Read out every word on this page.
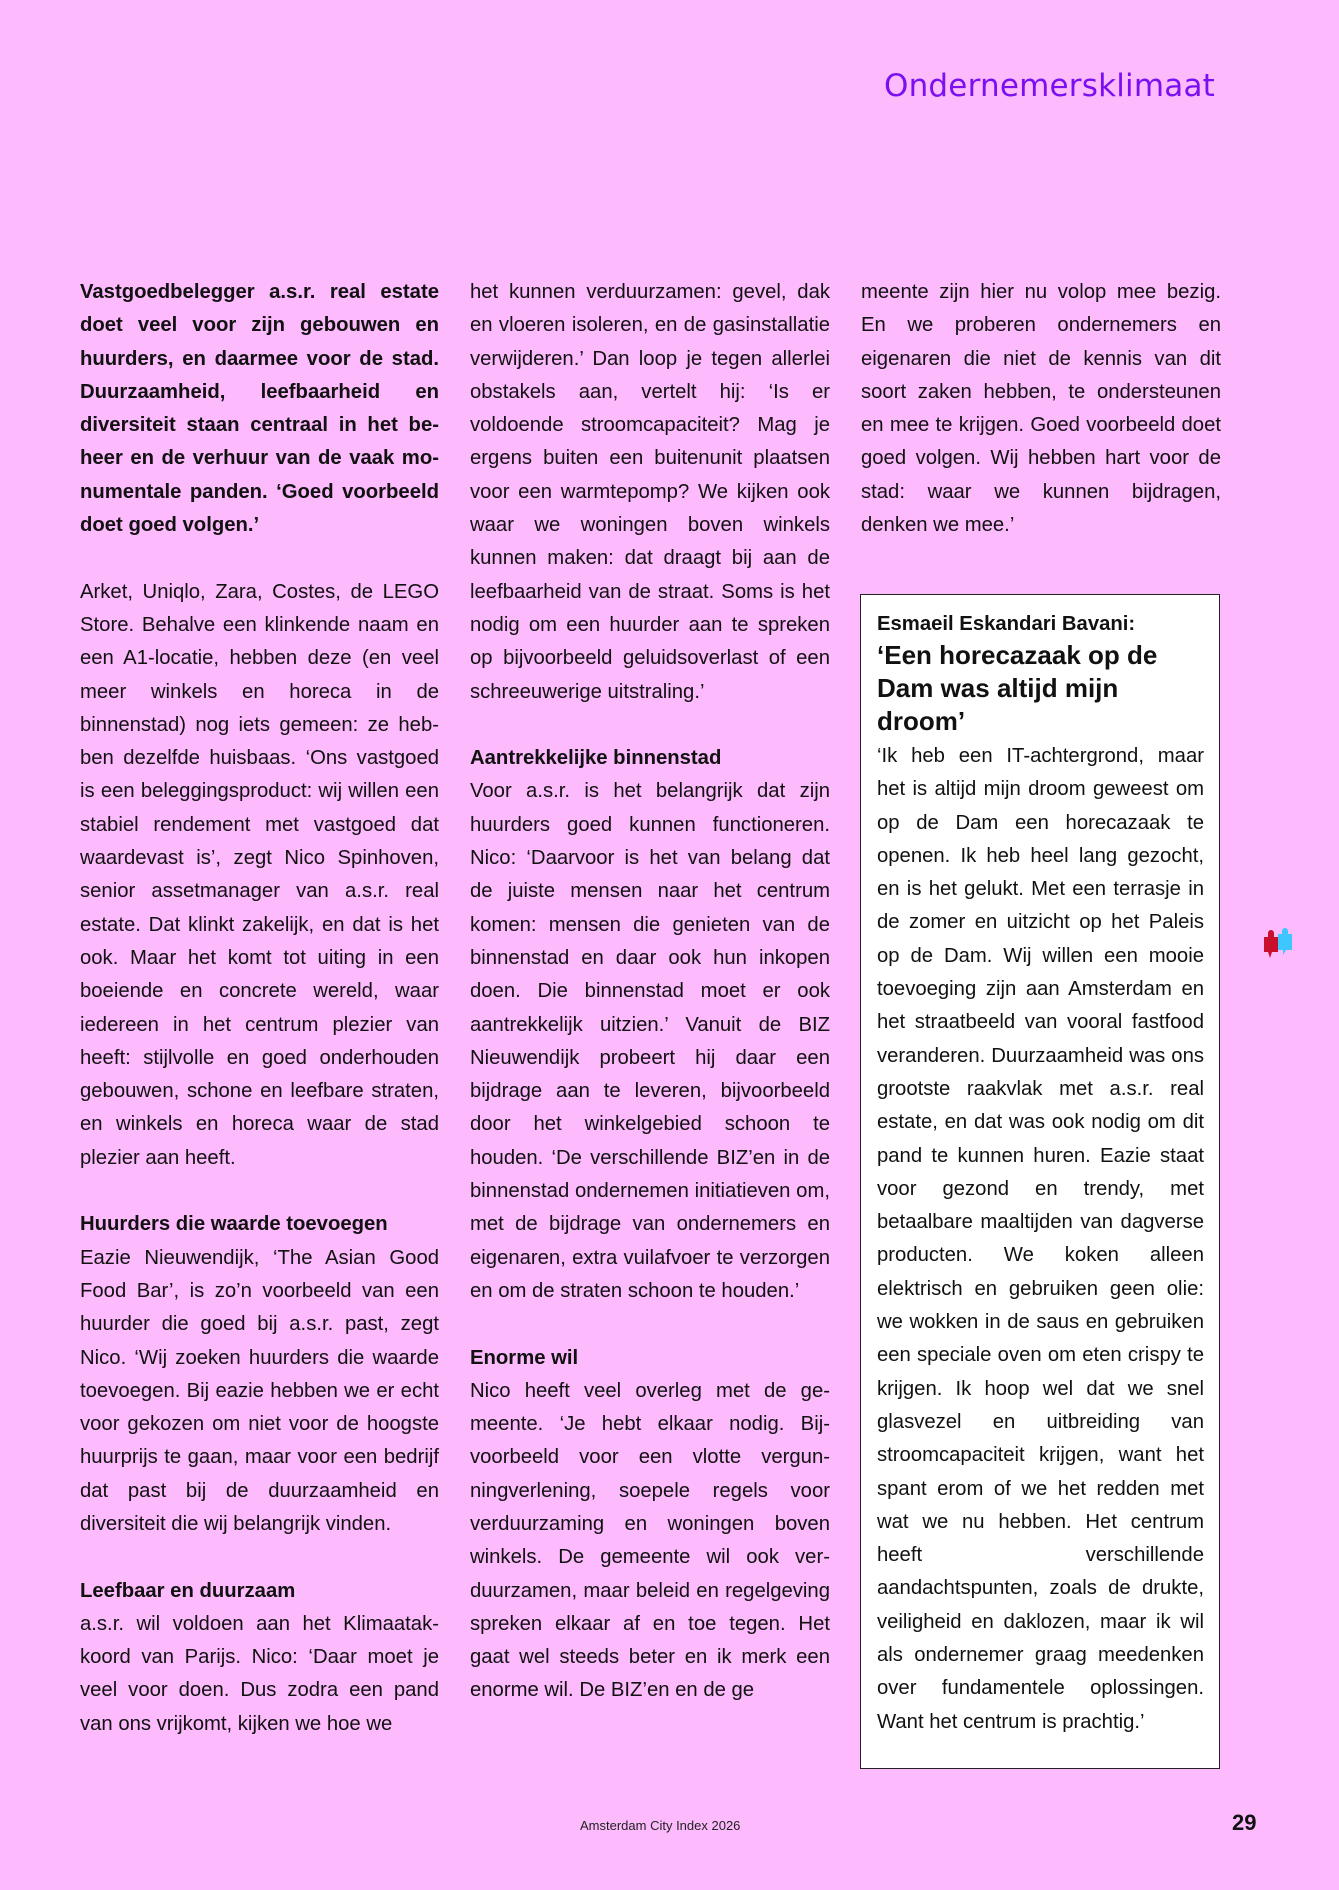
Ondernemersklimaat

Vastgoedbelegger a.s.r. real estate doet veel voor zijn gebouwen en huurders, en daarmee voor de stad. Duurzaamheid, leefbaarheid en diversiteit staan centraal in het beheer en de verhuur van de vaak monumentale panden. ‘Goed voorbeeld doet goed volgen.’

Arket, Uniqlo, Zara, Costes, de LEGO Store. Behalve een klinkende naam en een A1-locatie, hebben deze (en veel meer winkels en horeca in de binnenstad) nog iets gemeen: ze hebben dezelfde huisbaas. ‘Ons vastgoed is een beleggingsproduct: wij willen een stabiel rendement met vastgoed dat waardevast is’, zegt Nico Spinhoven, senior assetmanager van a.s.r. real estate. Dat klinkt zakelijk, en dat is het ook. Maar het komt tot uiting in een boeiende en concrete wereld, waar iedereen in het centrum plezier van heeft: stijlvolle en goed onderhouden gebouwen, schone en leefbare straten, en winkels en horeca waar de stad plezier aan heeft.

Huurders die waarde toevoegen

Eazie Nieuwendijk, ‘The Asian Good Food Bar’, is zo’n voorbeeld van een huurder die goed bij a.s.r. past, zegt Nico. ‘Wij zoeken huurders die waarde toevoegen. Bij eazie hebben we er echt voor gekozen om niet voor de hoogste huurprijs te gaan, maar voor een bedrijf dat past bij de duurzaamheid en diversiteit die wij belangrijk vinden.

Leefbaar en duurzaam

a.s.r. wil voldoen aan het Klimaatakkoord van Parijs. Nico: ‘Daar moet je veel voor doen. Dus zodra een pand van ons vrijkomt, kijken we hoe we

het kunnen verduurzamen: gevel, dak en vloeren isoleren, en de gasinstallatie verwijderen.’ Dan loop je tegen allerlei obstakels aan, vertelt hij: ‘Is er voldoende stroomcapaciteit? Mag je ergens buiten een buitenunit plaatsen voor een warmtepomp? We kijken ook waar we woningen boven winkels kunnen maken: dat draagt bij aan de leefbaarheid van de straat. Soms is het nodig om een huurder aan te spreken op bijvoorbeeld geluidsoverlast of een schreeuwerige uitstraling.’

Aantrekkelijke binnenstad

Voor a.s.r. is het belangrijk dat zijn huurders goed kunnen functioneren. Nico: ‘Daarvoor is het van belang dat de juiste mensen naar het centrum komen: mensen die genieten van de binnenstad en daar ook hun inkopen doen. Die binnenstad moet er ook aantrekkelijk uitzien.’ Vanuit de BIZ Nieuwendijk probeert hij daar een bijdrage aan te leveren, bijvoorbeeld door het winkelgebied schoon te houden. ‘De verschillende BIZ’en in de binnenstad ondernemen initiatieven om, met de bijdrage van ondernemers en eigenaren, extra vuilafvoer te verzorgen en om de straten schoon te houden.’

Enorme wil

Nico heeft veel overleg met de gemeente. ‘Je hebt elkaar nodig. Bijvoorbeeld voor een vlotte vergunningverlening, soepele regels voor verduurzaming en woningen boven winkels. De gemeente wil ook verduurzamen, maar beleid en regelgeving spreken elkaar af en toe tegen. Het gaat wel steeds beter en ik merk een enorme wil. De BIZ’en en de ge

meente zijn hier nu volop mee bezig. En we proberen ondernemers en eigenaren die niet de kennis van dit soort zaken hebben, te ondersteunen en mee te krijgen. Goed voorbeeld doet goed volgen. Wij hebben hart voor de stad: waar we kunnen bijdragen, denken we mee.’

Esmaeil Eskandari Bavani:
‘Een horecazaak op de Dam was altijd mijn droom’

‘Ik heb een IT-achtergrond, maar het is altijd mijn droom geweest om op de Dam een horecazaak te openen. Ik heb heel lang gezocht, en is het gelukt. Met een terrasje in de zomer en uitzicht op het Paleis op de Dam. Wij willen een mooie toevoeging zijn aan Amsterdam en het straatbeeld van vooral fastfood veranderen. Duurzaamheid was ons grootste raakvlak met a.s.r. real estate, en dat was ook nodig om dit pand te kunnen huren. Eazie staat voor gezond en trendy, met betaalbare maaltijden van dagverse producten. We koken alleen elektrisch en gebruiken geen olie: we wokken in de saus en gebruiken een speciale oven om eten crispy te krijgen. Ik hoop wel dat we snel glasvezel en uitbreiding van stroomcapaciteit krijgen, want het spant erom of we het redden met wat we nu hebben. Het centrum heeft verschillende aandachtspunten, zoals de drukte, veiligheid en daklozen, maar ik wil als ondernemer graag meedenken over fundamentele oplossingen. Want het centrum is prachtig.’

Amsterdam City Index 2026	29
